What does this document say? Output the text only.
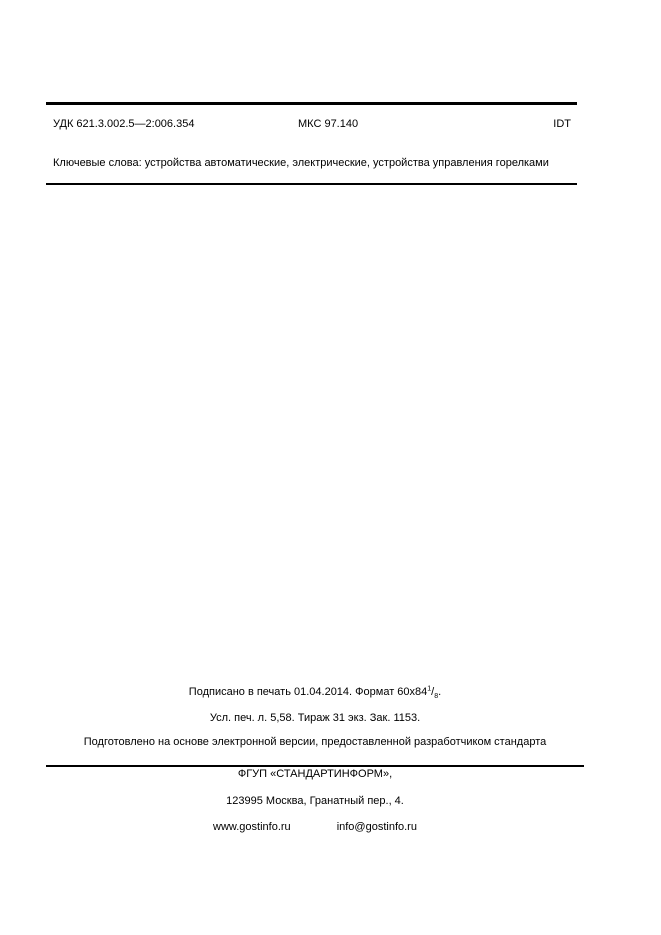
УДК 621.3.002.5—2:006.354	МКС 97.140	IDT
Ключевые слова: устройства автоматические, электрические, устройства управления горелками
Подписано в печать 01.04.2014. Формат $60x84^1/_8$.
Усл. печ. л. 5,58. Тираж 31 экз. Зак. 1153.
Подготовлено на основе электронной версии, предоставленной разработчиком стандарта
ФГУП «СТАНДАРТИНФОРМ»,
123995 Москва, Гранатный пер., 4.
www.gostinfo.ru	info@gostinfo.ru
